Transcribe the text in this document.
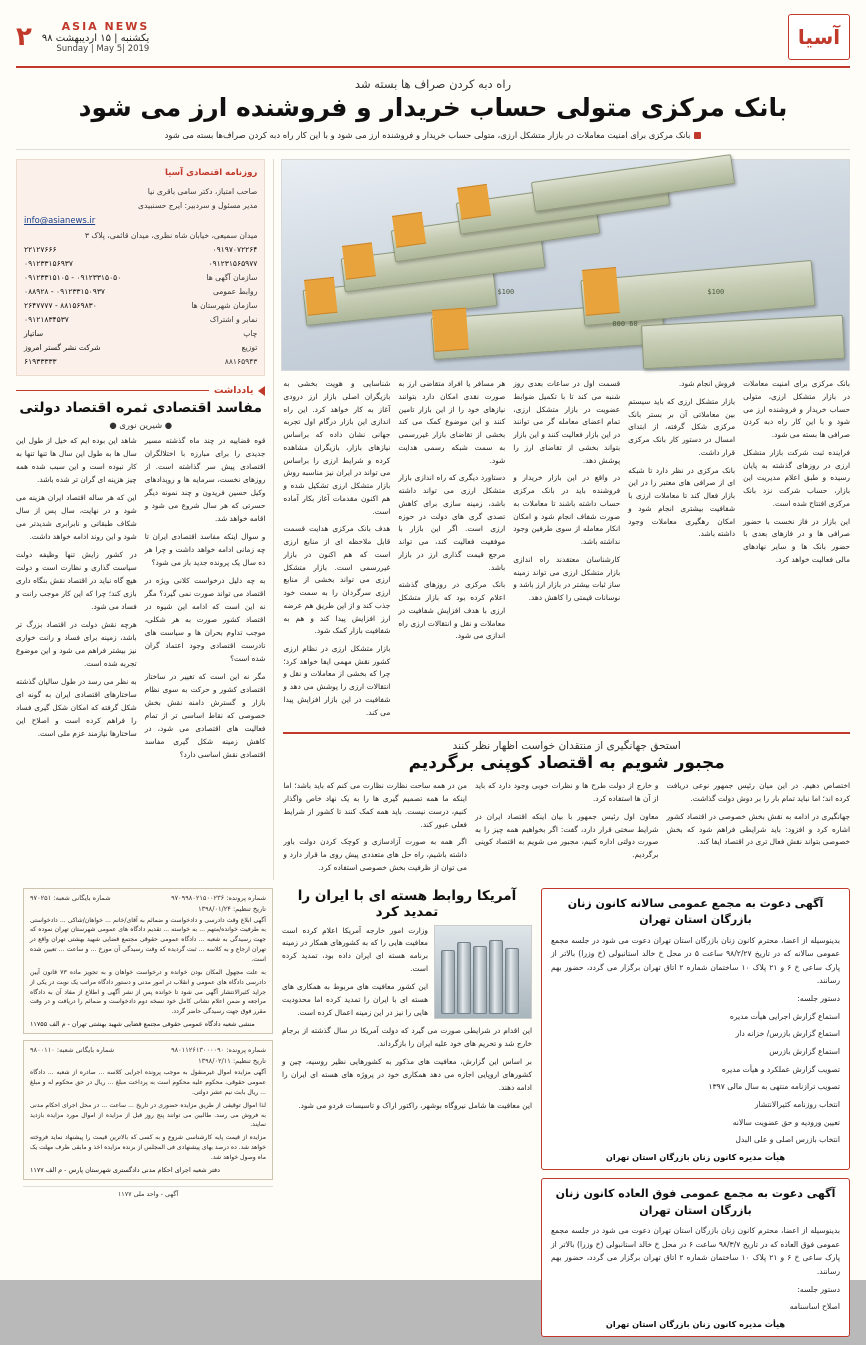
آسیا
ASIA NEWS
یکشنبه | ۱۵ اردیبهشت ۹۸
Sunday | May 5| 2019
۲
راه دبه کردن صراف ها بسته شد
بانک مرکزی متولی حساب خریدار و فروشنده ارز می شود
بانک مرکزی برای امنیت معاملات در بازار متشکل ارزی، متولی حساب خریدار و فروشنده ارز می شود و با این کار راه دبه کردن صراف‌ها بسته می شود
$100
60 000
$100

بانک مرکزی برای امنیت معاملات در بازار متشکل ارزی، متولی حساب خریدار و فروشنده ارز می شود و با این کار راه دبه کردن صرافی ها بسته می شود.

فراینده ثبت شرکت بازار متشکل ارزی در روزهای گذشته به پایان رسیده و طبق اعلام مدیریت این بازار، حساب شرکت نزد بانک مرکزی افتتاح شده است.

این بازار در فاز نخست با حضور صرافی ها و در فازهای بعدی با حضور بانک ها و سایر نهادهای مالی فعالیت خواهد کرد.

فروش انجام شود.

بازار متشکل ارزی که باید سیستم بین معاملاتی آن بر بستر بانک مرکزی شکل گرفته، از ابتدای امسال در دستور کار بانک مرکزی قرار داشت.

بانک مرکزی در نظر دارد تا شبکه ای از صرافی های معتبر را در این بازار فعال کند تا معاملات ارزی با شفافیت بیشتری انجام شود و امکان رهگیری معاملات وجود داشته باشد.

قسمت اول در ساعات بعدی روز شنبه می کند تا با تکمیل ضوابط عضویت در بازار متشکل ارزی، تمام اعضای معامله گر می توانند در این بازار فعالیت کنند و این بازار بتواند بخشی از تقاضای ارز را پوشش دهد.

در واقع در این بازار خریدار و فروشنده باید در بانک مرکزی حساب داشته باشند تا معاملات به صورت شفاف انجام شود و امکان انکار معامله از سوی طرفین وجود نداشته باشد.

کارشناسان معتقدند راه اندازی بازار متشکل ارزی می تواند زمینه ساز ثبات بیشتر در بازار ارز باشد و نوسانات قیمتی را کاهش دهد.

هر مسافر یا افراد متقاضی ارز به صورت نقدی امکان دارد بتوانند نیازهای خود را از این بازار تامین کنند و این موضوع کمک می کند بخشی از تقاضای بازار غیررسمی به سمت شبکه رسمی هدایت شود.

دستاورد دیگری که راه اندازی بازار متشکل ارزی می تواند داشته باشد، زمینه سازی برای کاهش تصدی گری های دولت در حوزه ارزی است. اگر این بازار با موفقیت فعالیت کند، می تواند مرجع قیمت گذاری ارز در بازار باشد.

بانک مرکزی در روزهای گذشته اعلام کرده بود که بازار متشکل ارزی با هدف افزایش شفافیت در معاملات و نقل و انتقالات ارزی راه اندازی می شود.

شناسایی و هویت بخشی به بازیگران اصلی بازار ارز درودی آغاز به کار خواهد کرد. این راه اندازی این بازار درگام اول تجربه جهانی نشان داده که براساس نیازهای بازار، بازیگران مشاهده کرده و شرایط ارزی را براساس می تواند در ایران نیز مناسبه روش بازار متشکل ارزی تشکیل شده و هم اکنون مقدمات آغاز بکار آماده است.

هدف بانک مرکزی هدایت قسمت قابل ملاحظه ای از منابع ارزی است که هم اکنون در بازار غیررسمی است. بازار متشکل ارزی می تواند بخشی از منابع ارزی سرگردان را به سمت خود جذب کند و از این طریق هم عرضه ارز افزایش پیدا کند و هم به شفافیت بازار کمک شود.

بازار متشکل ارزی در نظام ارزی کشور نقش مهمی ایفا خواهد کرد؛ چرا که بخشی از معاملات و نقل و انتقالات ارزی را پوشش می دهد و شفافیت در این بازار افزایش پیدا می کند.

استحق جهانگیری از منتقدان خواست اظهار نظر کنند
مجبور شویم به اقتصاد کوپنی برگردیم

اختصاص دهیم. در این میان رئیس جمهور نوعی دریافت کرده اند؛ اما نباید تمام بار را بر دوش دولت گذاشت.

جهانگیری در ادامه به نقش بخش خصوصی در اقتصاد کشور اشاره کرد و افزود: باید شرایطی فراهم شود که بخش خصوصی بتواند نقش فعال تری در اقتصاد ایفا کند.

و خارج از دولت طرح ها و نظرات خوبی وجود دارد که باید از آن ها استفاده کرد.

معاون اول رئیس جمهور با بیان اینکه اقتصاد ایران در شرایط سختی قرار دارد، گفت: اگر بخواهیم همه چیز را به صورت دولتی اداره کنیم، مجبور می شویم به اقتصاد کوپنی برگردیم.

من در همه ساحت نظارت نظارت می کنم که باید باشد؛ اما اینکه ما همه تصمیم گیری ها را به یک نهاد خاص واگذار کنیم، درست نیست. باید همه کمک کنند تا کشور از شرایط فعلی عبور کند.

اگر همه به صورت آزادسازی و کوچک کردن دولت باور داشته باشیم، راه حل های متعددی پیش روی ما قرار دارد و می توان از ظرفیت بخش خصوصی استفاده کرد.

روزنامه اقتصادی آسیا
صاحب امتیاز، دکتر سامی باقری نیا
مدیر مسئول و سردبیر: ایرج حسنبیدی
info@asianews.ir
میدان سمیعی، خیابان شاه نظری، میدان قائمی، پلاک ۳
۰۹۱۹۷۰۷۲۲۶۴
۲۲۱۲۷۶۶۶
۰۹۱۲۳۱۵۶۵۹۷۷
۰۹۱۲۳۳۱۵۶۹۳۷
سازمان آگهی ها
۰۹۱۲۳۳۱۵۱۰۵ - ۰۹۱۲۳۳۱۵۰۵۰
روابط عمومی
۰۸۸۹۲۸ - ۰۹۱۲۳۳۱۵۰۹۳۷
سازمان شهرستان ها
۲۶۴۷۷۷۷ - ۸۸۱۵۶۹۸۳۰
نمابر و اشتراک
۰۹۱۲۱۸۳۴۵۳۷
چاپ
ساتیار
توزیع
شرکت نشر گستر امروز
۸۸۱۶۵۹۴۳
۶۱۹۳۳۳۳۳
یادداشت
مفاسد اقتصادی ثمره اقتصاد دولتی
● شیرین نوری ●

قوه قضاییه در چند ماه گذشته مسیر جدیدی را برای مبارزه با اختلالگران اقتصادی پیش سر گذاشته است. از روزهای نخست، سرمایه ها و رویدادهای وکیل حسین فریدون و چند نمونه دیگر حسرتی که هر سال شروع می شود و اقامه خواهد شد.

و سوال اینکه مفاسد اقتصادی ایران تا چه زمانی ادامه خواهد داشت و چرا هر ده سال یک پرونده جدید باز می شود؟

به چه دلیل درخواست کلانی ویژه در اقتصاد می تواند صورت نمی گیرد؟ مگر نه این است که ادامه این شیوه در اقتصاد کشور صورت به هر شکلی، موجب تداوم بحران ها و سیاست های نادرست اقتصادی وجود اعتماد گران شده است؟

مگر نه این است که تغییر در ساختار اقتصادی کشور و حرکت به سوی نظام بازار و گسترش دامنه نقش بخش خصوصی که نقاط اساسی تر از تمام فعالیت های اقتصادی می شود، در کاهش زمینه شکل گیری مفاسد اقتصادی نقش اساسی دارد؟

شاهد این بوده ایم که خیل از طول این سال ها به طول این سال ها تنها تنها به کار نبوده است و این سبب شده همه چیز هزینه ای گران تر شده باشد.

این که هر ساله اقتصاد ایران هزینه می شود و در نهایت، سال پس از سال شکاف طبقاتی و نابرابری شدیدتر می شود و این روند ادامه خواهد داشت.

در کشور زایش تنها وظیفه دولت سیاست گذاری و نظارت است و دولت هیچ گاه نباید در اقتصاد نقش بنگاه داری بازی کند؛ چرا که این کار موجب رانت و فساد می شود.

هرچه نقش دولت در اقتصاد بزرگ تر باشد، زمینه برای فساد و رانت خواری نیز بیشتر فراهم می شود و این موضوع تجربه شده است.

به نظر می رسد در طول سالیان گذشته ساختارهای اقتصادی ایران به گونه ای شکل گرفته که امکان شکل گیری فساد را فراهم کرده است و اصلاح این ساختارها نیازمند عزم ملی است.

آگهی دعوت به مجمع عمومی سالانه کانون زنان بازرگان استان تهران

بدینوسیله از اعضا، محترم کانون زنان بازرگان استان تهران دعوت می شود در جلسه مجمع عمومی سالانه که در تاریخ ۹۸/۲/۲۷ ساعت ۵ در محل خ خالد استانبولی (خ وزرا) بالاتر از پارک ساعی خ ۶ و ۲۱ پلاک ۱۰ ساختمان شماره ۲ اتاق تهران برگزار می گردد، حضور بهم رسانند.

دستور جلسه:

استماع گزارش اجرایی هیأت مدیره

استماع گزارش بازرس/ خزانه دار

استماع گزارش بازرس

تصویب گزارش عملکرد و هیأت مدیره

تصویب ترازنامه منتهی به سال مالی ۱۳۹۷

انتخاب روزنامه کثیرالانتشار

تعیین ورودیه و حق عضویت سالانه

انتخاب بازرس اصلی و علی البدل

هیأت مدیره کانون زنان بازرگان استان تهران
آگهی دعوت به مجمع عمومی فوق العاده کانون زنان بازرگان استان تهران

بدینوسیله از اعضا، محترم کانون زنان بازرگان استان تهران دعوت می شود در جلسه مجمع عمومی فوق العاده که در تاریخ ۹۸/۳/۷ ساعت ۶ در محل خ خالد استانبولی (خ وزرا) بالاتر از پارک ساعی خ ۶ و ۲۱ پلاک ۱۰ ساختمان شماره ۲ اتاق تهران برگزار می گردد، حضور بهم رسانند.

دستور جلسه:

اصلاح اساسنامه

هیأت مدیره کانون زنان بازرگان استان تهران
آمریکا روابط هسته ای با ایران را تمدید کرد

وزارت امور خارجه آمریکا اعلام کرده است معافیت هایی را که به کشورهای همکار در زمینه برنامه هسته ای ایران داده بود، تمدید کرده است.

این کشور معافیت های مربوط به همکاری های هسته ای با ایران را تمدید کرده اما محدودیت هایی را نیز در این زمینه اعمال کرده است.

این اقدام در شرایطی صورت می گیرد که دولت آمریکا در سال گذشته از برجام خارج شد و تحریم های خود علیه ایران را بازگرداند.

بر اساس این گزارش، معافیت های مذکور به کشورهایی نظیر روسیه، چین و کشورهای اروپایی اجازه می دهد همکاری خود در پروژه های هسته ای ایران را ادامه دهند.

این معافیت ها شامل نیروگاه بوشهر، راکتور اراک و تاسیسات فردو می شود.

شماره پرونده: ۹۷۰۹۹۸۰۲۱۵۰۰۲۳۶
شماره بایگانی شعبه: ۹۷۰۲۵۱
تاریخ تنظیم: ۱۳۹۸/۰۱/۲۴

آگهی ابلاغ وقت دادرسی و دادخواست و ضمائم به آقای/خانم ... خواهان/شاکی ... دادخواستی به طرفیت خوانده/متهم ... به خواسته ... تقدیم دادگاه های عمومی شهرستان تهران نموده که جهت رسیدگی به شعبه ... دادگاه عمومی حقوقی مجتمع قضایی شهید بهشتی تهران واقع در تهران ارجاع و به کلاسه ... ثبت گردیده که وقت رسیدگی آن مورخ ... و ساعت ... تعیین شده است.

به علت مجهول المکان بودن خوانده و درخواست خواهان و به تجویز ماده ۷۳ قانون آیین دادرسی دادگاه های عمومی و انقلاب در امور مدنی و دستور دادگاه مراتب یک نوبت در یکی از جراید کثیرالانتشار آگهی می شود تا خوانده پس از نشر آگهی و اطلاع از مفاد آن به دادگاه مراجعه و ضمن اعلام نشانی کامل خود نسخه دوم دادخواست و ضمائم را دریافت و در وقت مقرر فوق جهت رسیدگی حاضر گردد.

منشی شعبه دادگاه عمومی حقوقی مجتمع قضایی شهید بهشتی تهران - م الف ۱۱۷۵۵
شماره پرونده: ۹۸۰۱۱۲۶۱۳۰۰۰۰۹۰
شماره بایگانی شعبه: ۹۸۰۰۱۱۰
تاریخ تنظیم: ۱۳۹۸/۰۲/۱۱

آگهی مزایده اموال غیرمنقول به موجب پرونده اجرایی کلاسه ... صادره از شعبه ... دادگاه عمومی حقوقی، محکوم علیه محکوم است به پرداخت مبلغ ... ریال در حق محکوم له و مبلغ ... ریال بابت نیم عشر دولتی.

لذا اموال توقیفی از طریق مزایده حضوری در تاریخ ... ساعت ... در محل اجرای احکام مدنی به فروش می رسد. طالبین می توانند پنج روز قبل از مزایده از اموال مورد مزایده بازدید نمایند.

مزایده از قیمت پایه کارشناسی شروع و به کسی که بالاترین قیمت را پیشنهاد نماید فروخته خواهد شد. ده درصد بهای پیشنهادی فی المجلس از برنده مزایده اخذ و مابقی ظرف مهلت یک ماه وصول خواهد شد.

دفتر شعبه اجرای احکام مدنی دادگستری شهرستان پارس - م الف ۱۱۷۷
آگهی - واحد ملی ۱۱۷۷
